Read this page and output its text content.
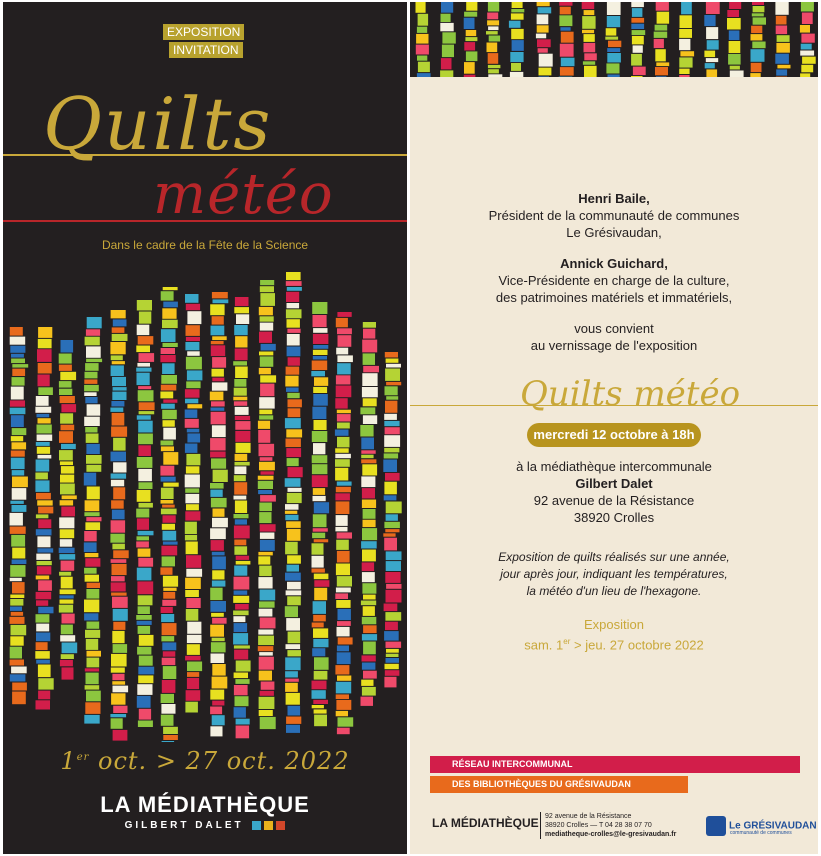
EXPOSITION
INVITATION
Quilts
météo
Dans le cadre de la Fête de la Science
1er oct. > 27 oct. 2022
LA MÉDIATHÈQUE
GILBERT DALET
Henri Baile,
Président de la communauté de communes
Le Grésivaudan,
Annick Guichard,
Vice-Présidente en charge de la culture,
des patrimoines matériels et immatériels,
vous convient
au vernissage de l'exposition
Quilts météo
mercredi 12 octobre à 18h
à la médiathèque intercommunale
Gilbert Dalet
92 avenue de la Résistance
38920 Crolles
Exposition de quilts réalisés sur une année,
jour après jour, indiquant les températures,
la météo d'un lieu de l'hexagone.
Exposition
sam. 1er > jeu. 27 octobre 2022
RÉSEAU INTERCOMMUNAL
DES BIBLIOTHÈQUES DU GRÉSIVAUDAN
LA MÉDIATHÈQUE 92 avenue de la Résistance
38920 Crolles — T 04 28 38 07 70
mediatheque-crolles@le-gresivaudan.fr
Le GRÉSIVAUDAN
communauté de communes
